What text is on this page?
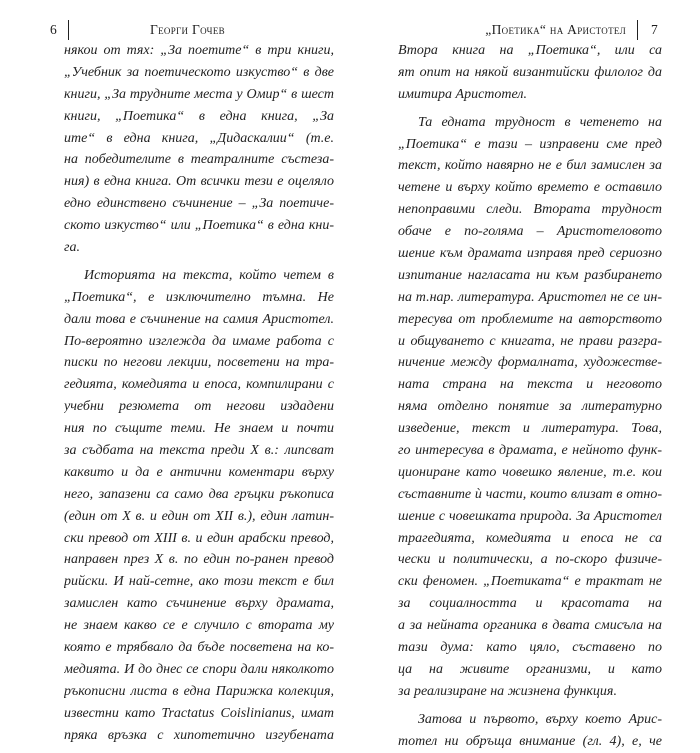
6	Георги Гочев
някои от тях: „За поетите“ в три книги,
„Учебник за поетическото изкуство“ в две
книги, „За трудните места у Омир“ в шест
книги, „Поетика“ в една книга, „За
ите“ в една книга, „Дидаскалии“ (т.е.
на победителите в театралните състеза-
ния) в една книга. От всички тези е оцеляло
едно единствено съчинение – „За поетиче-
ското изкуство“ или „Поетика“ в една кни-
га.
Историята на текста, който четем в
„Поетика“, е изключително тъмна. Не
дали това е съчинение на самия Аристотел.
По-вероятно изглежда да имаме работа с
писки по негови лекции, посветени на тра-
гедията, комедията и епоса, компилирани с
учебни резюмета от негови издадени
ния по същите теми. Не знаем и почти
за съдбата на текста преди X в.: липсват
каквито и да е антични коментари върху
него, запазени са само два гръцки ръкописа
(един от X в. и един от XII в.), един латин-
ски превод от XIII в. и един арабски превод,
направен през X в. по един по-ранен превод
рийски. И най-сетне, ако този текст е бил
замислен като съчинение върху драмата,
не знаем какво се е случило с втората му
която е трябвало да бъде посветена на ко-
медията. И до днес се спори дали няколкото
ръкописни листа в една Парижка колекция,
известни като Tractatus Coislinianus, имат
пряка връзка с хипотетично изгубената
„Поетика“ на Аристотел 7
Втора книга на „Поетика“, или са
ят опит на някой византийски филолог да
имитира Аристотел.
Та едната трудност в четенето на
„Поетика“ е тази – изправени сме пред
текст, който навярно не е бил замислен за
четене и върху който времето е оставило
непоправими следи. Втората трудност
обаче е по-голяма – Аристотеловото
шение към драмата изправя пред сериозно
изпитание нагласата ни към разбирането
на т.нар. литература. Аристотел не се ин-
тересува от проблемите на авторството
и общуването с книгата, не прави разгра-
ничение между формалната, художестве-
ната страна на текста и неговото
няма отделно понятие за литературно
изведение, текст и литература. Това,
го интересува в драмата, е нейното функ-
циониране като човешко явление, т.е. кои
съставните ѝ части, които влизат в отно-
шение с човешката природа. За Аристотел
трагедията, комедията и епоса не са
чески и политически, а по-скоро физиче-
ски феномен. „Поетиката“ е трактат не
за социалността и красотата на
а за нейната органика в двата смисъла на
тази дума: като цяло, съставено по
ца на живите организми, и като
за реализиране на жизнена функция.
Затова и първото, върху което Арис-
тотел ни обръща внимание (гл. 4), е, че
